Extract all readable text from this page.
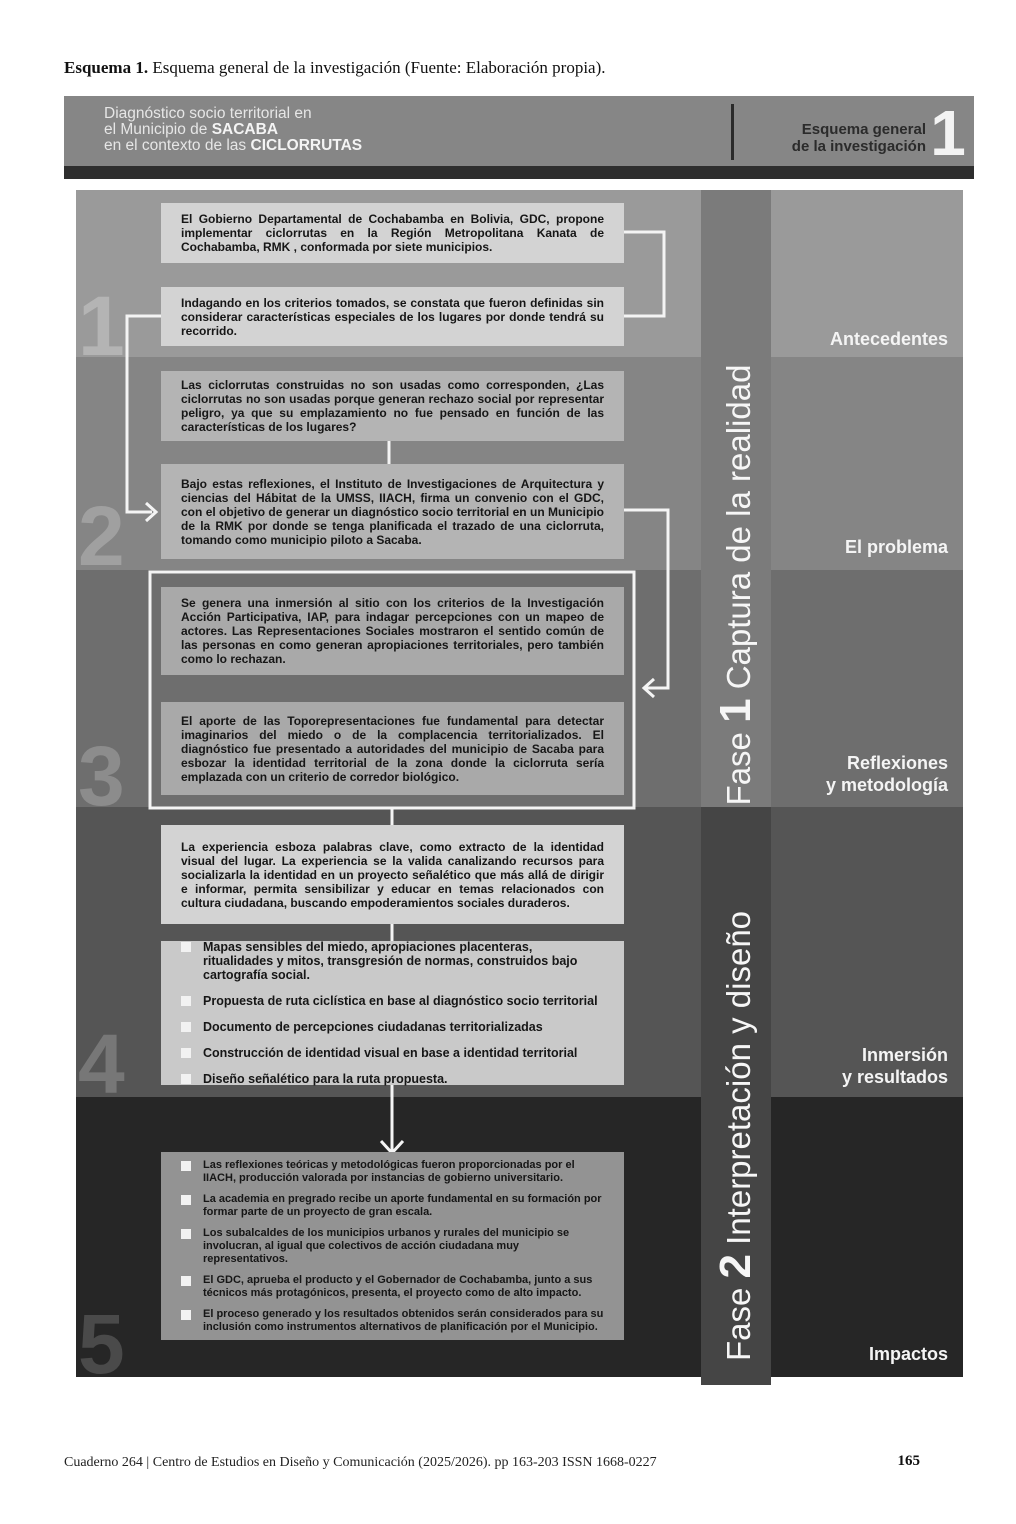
Esquema 1. Esquema general de la investigación (Fuente: Elaboración propia).
Diagnóstico socio territorial en
el Municipio de SACABA
en el contexto de las CICLORRUTAS
Esquema general
de la investigación 1
1
2
3
4
5
Antecedentes
El problema
Reflexiones
y metodología
Inmersión
y resultados
Impactos
Fase 1 Captura de la realidad
Fase 2 Interpretación y diseño

El Gobierno Departamental de Cochabamba en Bolivia, GDC, propone implementar ciclorrutas en la Región Metropolitana Kanata de Cochabamba, RMK , conformada por siete municipios.

Indagando en los criterios tomados, se constata que fueron definidas sin considerar características especiales de los lugares por donde tendrá su recorrido.

Las ciclorrutas construidas no son usadas como corresponden, ¿Las ciclorrutas no son usadas porque generan rechazo social por representar peligro, ya que su emplazamiento no fue pensado en función de las características de los lugares?

Bajo estas reflexiones, el Instituto de Investigaciones de Arquitectura y ciencias del Hábitat de la UMSS, IIACH, firma un convenio con el GDC, con el objetivo de generar un diagnóstico socio territorial en un Municipio de la RMK por donde se tenga planificada el trazado de una ciclorruta, tomando como municipio piloto a Sacaba.

Se genera una inmersión al sitio con los criterios de la Investigación Acción Participativa, IAP, para indagar percepciones con un mapeo de actores. Las Representaciones Sociales mostraron el sentido común de las personas en como generan apropiaciones territoriales, pero también como lo rechazan.

El aporte de las Toporepresentaciones fue fundamental para detectar imaginarios del miedo o de la complacencia territorializados. El diagnóstico fue presentado a autoridades del municipio de Sacaba para esbozar la identidad territorial de la zona donde la ciclorruta sería emplazada con un criterio de corredor biológico.

La experiencia esboza palabras clave, como extracto de la identidad visual del lugar. La experiencia se la valida canalizando recursos para socializarla la identidad en un proyecto señalético que más allá de dirigir e informar, permita sensibilizar y educar en temas relacionados con cultura ciudadana, buscando empoderamientos sociales duraderos.

Mapas sensibles del miedo, apropiaciones placenteras, ritualidades y mitos, transgresión de normas, construidos bajo cartografía social.
Propuesta de ruta ciclística en base al diagnóstico socio territorial
Documento de percepciones ciudadanas territorializadas
Construcción de identidad visual en base a identidad territorial
Diseño señalético para la ruta propuesta.
Las reflexiones teóricas y metodológicas fueron proporcionadas por el IIACH, producción valorada por instancias de gobierno universitario.
La academia en pregrado recibe un aporte fundamental en su formación por formar parte de un proyecto de gran escala.
Los subalcaldes de los municipios urbanos y rurales del municipio se involucran, al igual que colectivos de acción ciudadana muy representativos.
El GDC, aprueba el producto y el Gobernador de Cochabamba, junto a sus técnicos más protagónicos, presenta, el proyecto como de alto impacto.
El proceso generado y los resultados obtenidos serán considerados para su inclusión como instrumentos alternativos de planificación por el Municipio.
Cuaderno 264 | Centro de Estudios en Diseño y Comunicación (2025/2026). pp 163-203 ISSN 1668-0227	165
